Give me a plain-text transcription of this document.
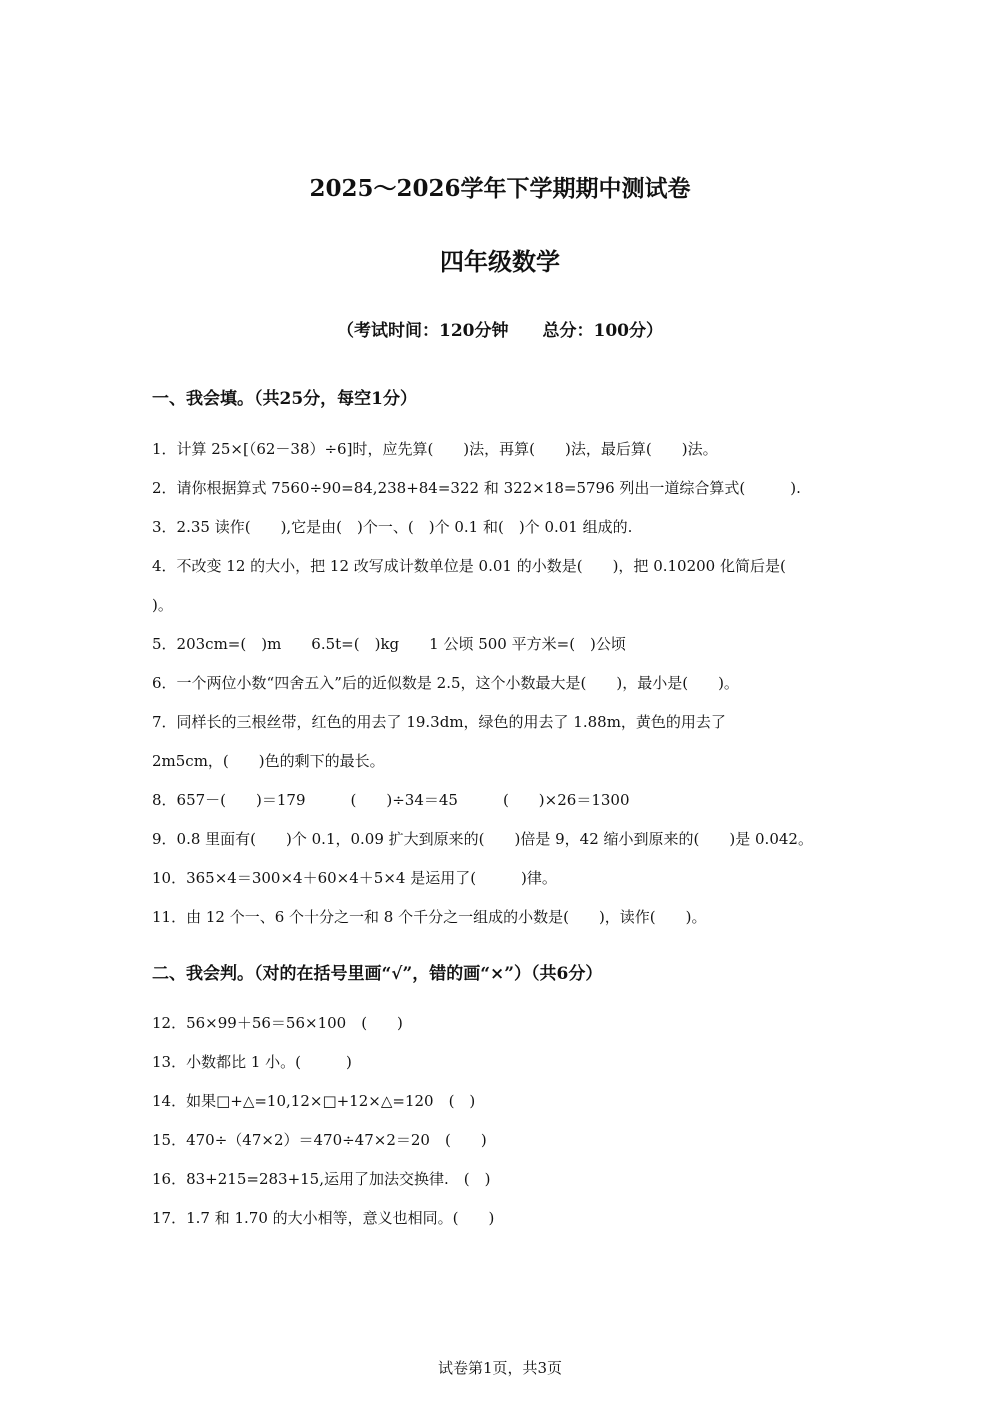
2025～2026学年下学期期中测试卷
四年级数学
（考试时间：120分钟 总分：100分）
一、我会填。（共25分，每空1分）
1．计算 25×[（62－38）÷6]时，应先算(　　)法，再算(　　)法，最后算(　　)法。
2．请你根据算式 7560÷90=84,238+84=322 和 322×18=5796 列出一道综合算式(　　　).
3．2.35 读作(　　),它是由(　)个一、(　)个 0.1 和(　)个 0.01 组成的.
4．不改变 12 的大小，把 12 改写成计数单位是 0.01 的小数是(　　)，把 0.10200 化简后是(
)。
5．203cm=(　)m　　6.5t=(　)kg　　1 公顷 500 平方米=(　)公顷
6．一个两位小数“四舍五入”后的近似数是 2.5，这个小数最大是(　　)，最小是(　　)。
7．同样长的三根丝带，红色的用去了 19.3dm，绿色的用去了 1.88m，黄色的用去了
2m5cm，(　　)色的剩下的最长。
8．657－(　　)＝179　　　(　　)÷34＝45　　　(　　)×26＝1300
9．0.8 里面有(　　)个 0.1，0.09 扩大到原来的(　　)倍是 9，42 缩小到原来的(　　)是 0.042。
10．365×4＝300×4＋60×4＋5×4 是运用了(　　　)律。
11．由 12 个一、6 个十分之一和 8 个千分之一组成的小数是(　　)，读作(　　)。
二、我会判。（对的在括号里画“√”，错的画“×”）（共6分）
12．56×99＋56＝56×100　(　　)
13．小数都比 1 小。(　　　)
14．如果□+△=10,12×□+12×△=120　(　)
15．470÷（47×2）＝470÷47×2＝20　(　　)
16．83+215=283+15,运用了加法交换律.　(　)
17．1.7 和 1.70 的大小相等，意义也相同。(　　)
试卷第1页，共3页
